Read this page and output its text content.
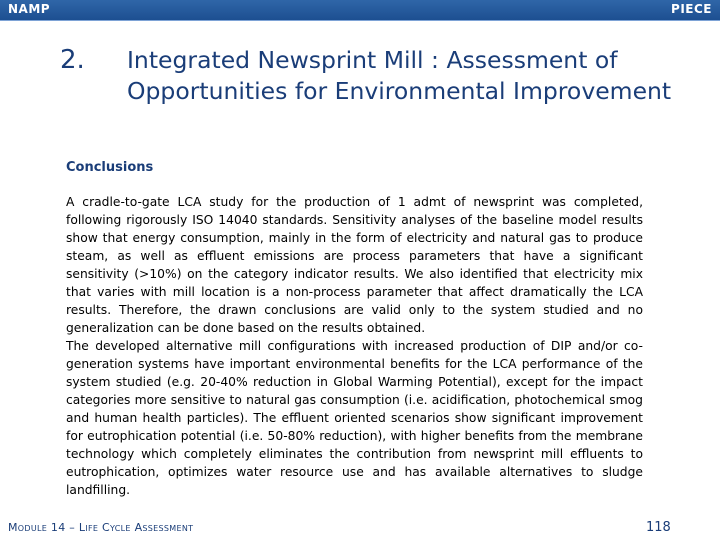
NAMP	PIECE
2. Integrated Newsprint Mill : Assessment of Opportunities for Environmental Improvement
Conclusions

A cradle-to-gate LCA study for the production of 1 admt of newsprint was completed, following rigorously ISO 14040 standards. Sensitivity analyses of the baseline model results show that energy consumption, mainly in the form of electricity and natural gas to produce steam, as well as effluent emissions are process parameters that have a significant sensitivity (>10%) on the category indicator results. We also identified that electricity mix that varies with mill location is a non-process parameter that affect dramatically the LCA results. Therefore, the drawn conclusions are valid only to the system studied and no generalization can be done based on the results obtained.

The developed alternative mill configurations with increased production of DIP and/or co-generation systems have important environmental benefits for the LCA performance of the system studied (e.g. 20-40% reduction in Global Warming Potential), except for the impact categories more sensitive to natural gas consumption (i.e. acidification, photochemical smog and human health particles). The effluent oriented scenarios show significant improvement for eutrophication potential (i.e. 50-80% reduction), with higher benefits from the membrane technology which completely eliminates the contribution from newsprint mill effluents to eutrophication, optimizes water resource use and has available alternatives to sludge landfilling.

Module 14 – Life Cycle Assessment	118
